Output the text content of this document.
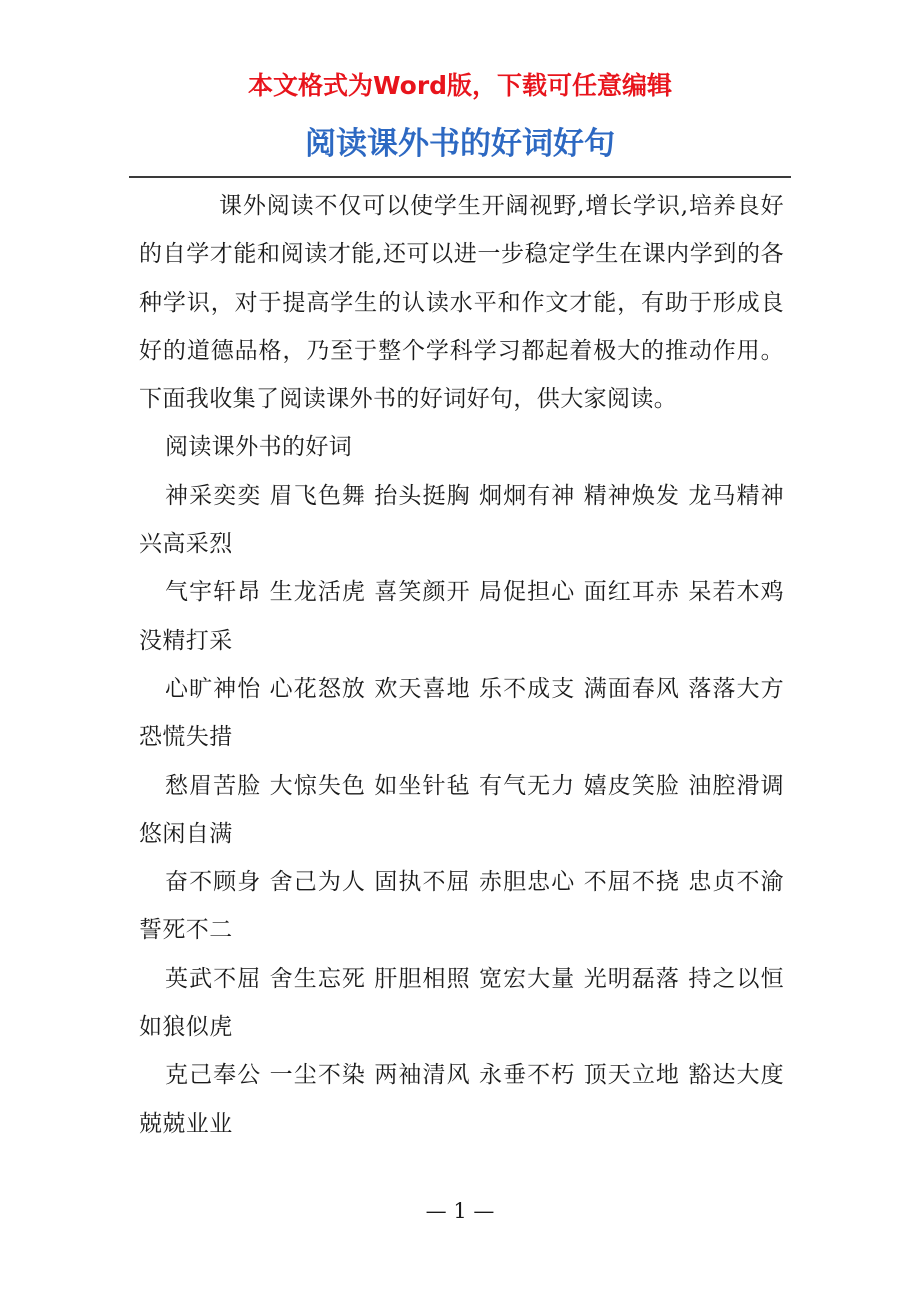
本文格式为Word版，下载可任意编辑
阅读课外书的好词好句

课外阅读不仅可以使学生开阔视野,增长学识,培养良好的自学才能和阅读才能,还可以进一步稳定学生在课内学到的各种学识，对于提高学生的认读水平和作文才能，有助于形成良好的道德品格，乃至于整个学科学习都起着极大的推动作用。下面我收集了阅读课外书的好词好句，供大家阅读。

阅读课外书的好词

神采奕奕 眉飞色舞 抬头挺胸 炯炯有神 精神焕发 龙马精神 兴高采烈

气宇轩昂 生龙活虎 喜笑颜开 局促担心 面红耳赤 呆若木鸡 没精打采

心旷神怡 心花怒放 欢天喜地 乐不成支 满面春风 落落大方 恐慌失措

愁眉苦脸 大惊失色 如坐针毡 有气无力 嬉皮笑脸 油腔滑调 悠闲自满

奋不顾身 舍己为人 固执不屈 赤胆忠心 不屈不挠 忠贞不渝 誓死不二

英武不屈 舍生忘死 肝胆相照 宽宏大量 光明磊落 持之以恒 如狼似虎

克己奉公 一尘不染 两袖清风 永垂不朽 顶天立地 豁达大度 兢兢业业

— 1 —
